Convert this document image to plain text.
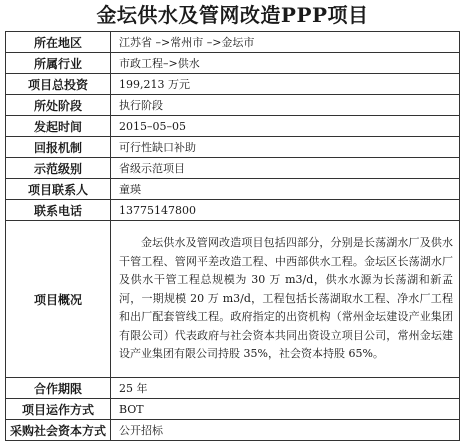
金坛供水及管网改造PPP项目
所在地区	江苏省 –>常州市 –>金坛市
所属行业	市政工程–>供水
项目总投资	199,213 万元
所处阶段	执行阶段
发起时间	2015–05–05
回报机制	可行性缺口补助
示范级别	省级示范项目
项目联系人	童瑛
联系电话	13775147800
项目概况	金坛供水及管网改造项目包括四部分，分别是长荡湖水厂及供水干管工程、管网平差改造工程、中西部供水工程。金坛区长荡湖水厂及供水干管工程总规模为 30 万 m3/d，供水水源为长荡湖和新孟河，一期规模 20 万 m3/d，工程包括长荡湖取水工程、净水厂工程和出厂配套管线工程。政府指定的出资机构（常州金坛建设产业集团有限公司）代表政府与社会资本共同出资设立项目公司，常州金坛建设产业集团有限公司持股 35%，社会资本持股 65%。
合作期限	25 年
项目运作方式	BOT
采购社会资本方式	公开招标
